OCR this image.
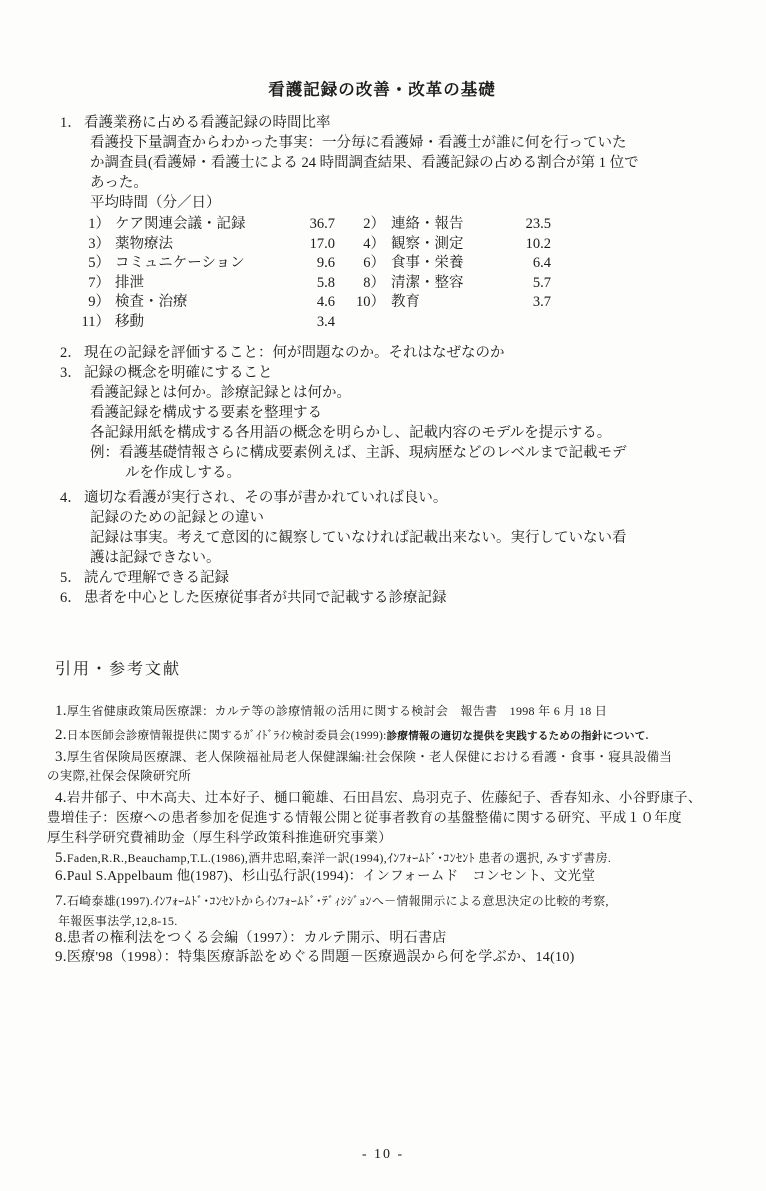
看護記録の改善・改革の基礎
1． 看護業務に占める看護記録の時間比率
看護投下量調査からわかった事実：一分毎に看護婦・看護士が誰に何を行っていた
か調査員(看護婦・看護士による 24 時間調査結果、看護記録の占める割合が第 1 位で
あった。
平均時間（分／日）
1） ケア関連会議・記録	36.7 2） 連絡・報告	23.5
3） 薬物療法	17.0 4） 観察・測定	10.2
5） コミュニケーション	9.6 6） 食事・栄養	6.4
7） 排泄	5.8 8） 清潔・整容	5.7
9） 検査・治療	4.6 10） 教育	3.7
11） 移動	3.4
2． 現在の記録を評価すること：何が問題なのか。それはなぜなのか
3． 記録の概念を明確にすること
看護記録とは何か。診療記録とは何か。
看護記録を構成する要素を整理する
各記録用紙を構成する各用語の概念を明らかし、記載内容のモデルを提示する。
例：看護基礎情報さらに構成要素例えば、主訴、現病歴などのレベルまで記載モデ
ルを作成しする。
4． 適切な看護が実行され、その事が書かれていれば良い。
記録のための記録との違い
記録は事実。考えて意図的に観察していなければ記載出来ない。実行していない看
護は記録できない。
5． 読んで理解できる記録
6． 患者を中心とした医療従事者が共同で記載する診療記録
引用・参考文献
1.厚生省健康政策局医療課：カルテ等の診療情報の活用に関する検討会　報告書　1998 年 6 月 18 日
2.日本医師会診療情報提供に関するｶﾞｲﾄﾞﾗｲﾝ検討委員会(1999):診療情報の適切な提供を実践するための指針について.
3.厚生省保険局医療課、老人保険福祉局老人保健課編:社会保険・老人保健における看護・食事・寝具設備当
の実際,社保会保険研究所
4.岩井郁子、中木高夫、辻本好子、樋口範雄、石田昌宏、鳥羽克子、佐藤紀子、香春知永、小谷野康子、
豊増佳子：医療への患者参加を促進する情報公開と従事者教育の基盤整備に関する研究、平成１０年度
厚生科学研究費補助金（厚生科学政策科推進研究事業）
5.Faden,R.R.,Beauchamp,T.L.(1986),酒井忠昭,秦洋一訳(1994),ｲﾝﾌｫｰﾑﾄﾞ･ｺﾝｾﾝﾄ 患者の選択, みすず書房.
6.Paul S.Appelbaum 他(1987)、杉山弘行訳(1994)：インフォームド　コンセント、文光堂
7.石崎泰雄(1997).ｲﾝﾌｫｰﾑﾄﾞ･ｺﾝｾﾝﾄからｲﾝﾌｫｰﾑﾄﾞ･ﾃﾞｨｼｼﾞｮﾝへ－情報開示による意思決定の比較的考察,
年報医事法学,12,8-15.
8.患者の権利法をつくる会編（1997）：カルテ開示、明石書店
9.医療'98（1998）：特集医療訴訟をめぐる問題－医療過誤から何を学ぶか、14(10)
- 10 -
